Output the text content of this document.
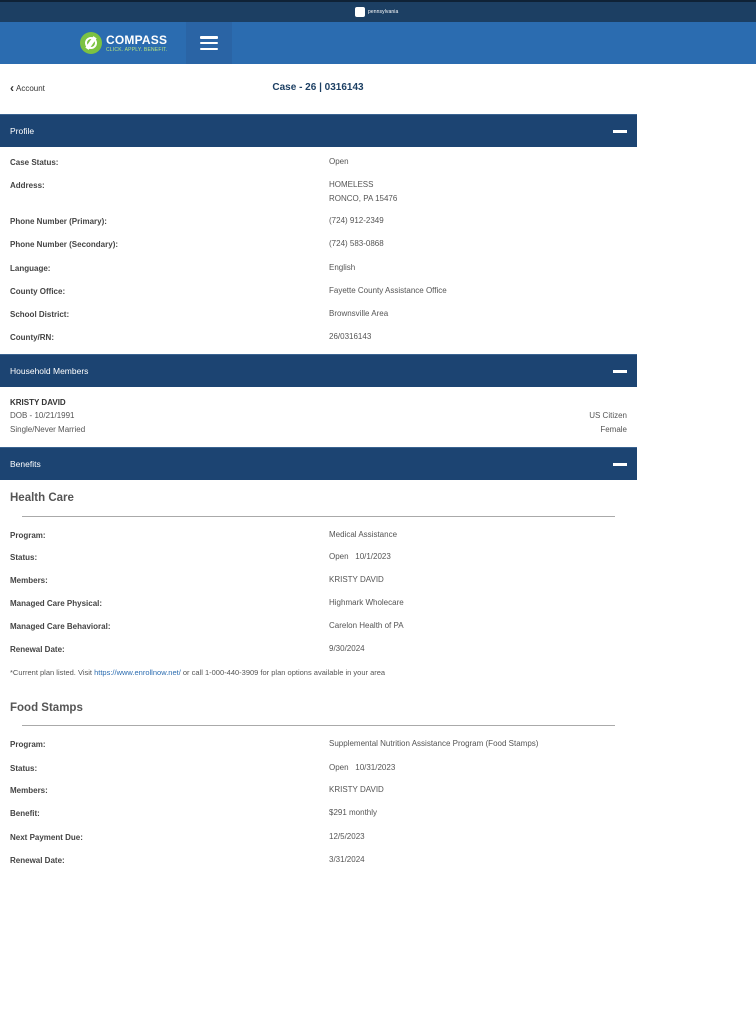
pennsylvania
COMPASS
CLICK. APPLY. BENEFIT.
‹ Account	Case - 26 | 0316143
Profile
Case Status:	Open
Address:	HOMELESS
RONCO, PA 15476
Phone Number (Primary):	(724) 912-2349
Phone Number (Secondary):	(724) 583-0868
Language:	English
County Office:	Fayette County Assistance Office
School District:	Brownsville Area
County/RN:	26/0316143
Household Members
KRISTY DAVID
DOB - 10/21/1991
Single/Never Married
US Citizen
Female
Benefits
Health Care
Program:	Medical Assistance
Status:	Open   10/1/2023
Members:	KRISTY DAVID
Managed Care Physical:	Highmark Wholecare
Managed Care Behavioral:	Carelon Health of PA
Renewal Date:	9/30/2024
*Current plan listed. Visit https://www.enrollnow.net/ or call 1-000-440-3909 for plan options available in your area
Food Stamps
Program:	Supplemental Nutrition Assistance Program (Food Stamps)
Status:	Open   10/31/2023
Members:	KRISTY DAVID
Benefit:	$291 monthly
Next Payment Due:	12/5/2023
Renewal Date:	3/31/2024
